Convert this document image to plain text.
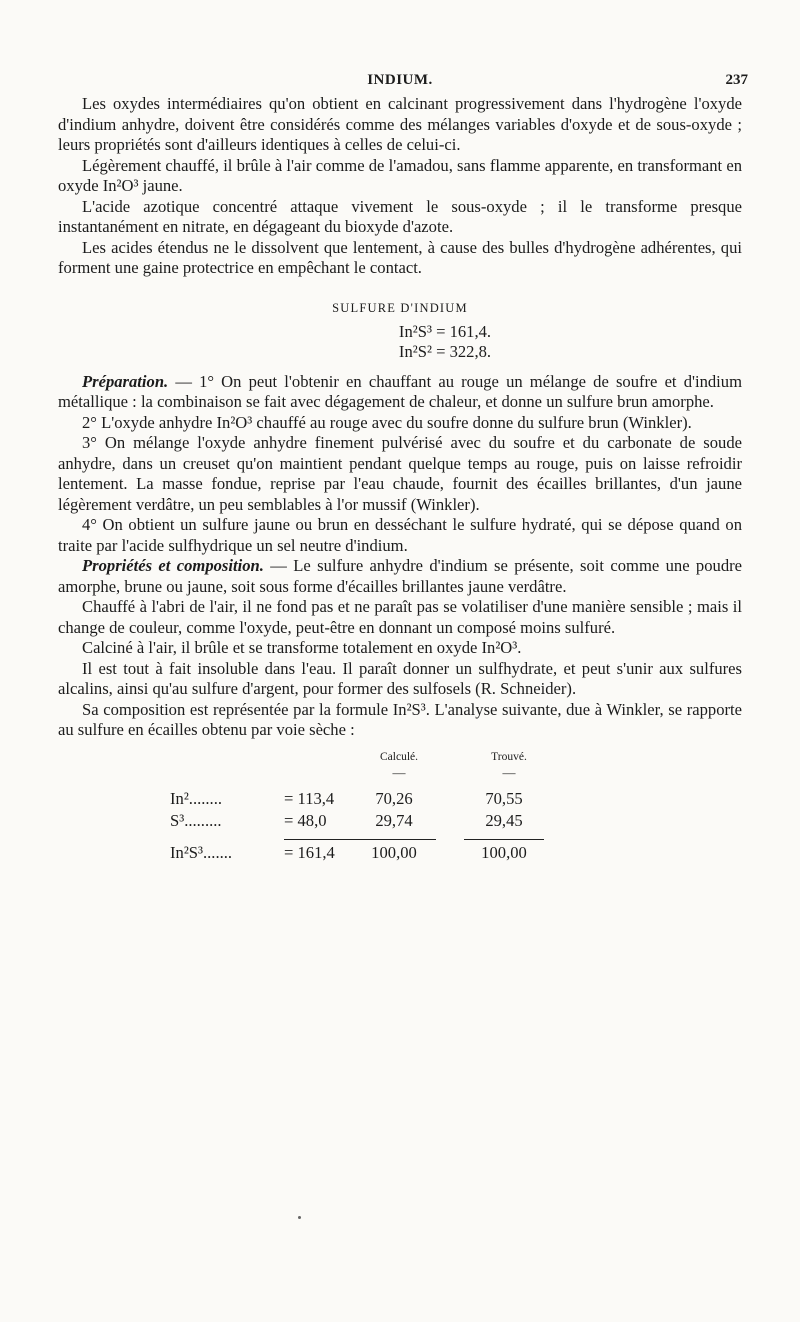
INDIUM.	237

Les oxydes intermédiaires qu'on obtient en calcinant progressivement dans l'hydrogène l'oxyde d'indium anhydre, doivent être considérés comme des mélanges variables d'oxyde et de sous-oxyde ; leurs propriétés sont d'ailleurs identiques à celles de celui-ci.

Légèrement chauffé, il brûle à l'air comme de l'amadou, sans flamme apparente, en transformant en oxyde In²O³ jaune.

L'acide azotique concentré attaque vivement le sous-oxyde ; il le transforme presque instantanément en nitrate, en dégageant du bioxyde d'azote.

Les acides étendus ne le dissolvent que lentement, à cause des bulles d'hydrogène adhérentes, qui forment une gaine protectrice en empêchant le contact.

SULFURE D'INDIUM
In²S³ = 161,4.
In²S² = 322,8.

Préparation. — 1° On peut l'obtenir en chauffant au rouge un mélange de soufre et d'indium métallique : la combinaison se fait avec dégagement de chaleur, et donne un sulfure brun amorphe.

2° L'oxyde anhydre In²O³ chauffé au rouge avec du soufre donne du sulfure brun (Winkler).

3° On mélange l'oxyde anhydre finement pulvérisé avec du soufre et du carbonate de soude anhydre, dans un creuset qu'on maintient pendant quelque temps au rouge, puis on laisse refroidir lentement. La masse fondue, reprise par l'eau chaude, fournit des écailles brillantes, d'un jaune légèrement verdâtre, un peu semblables à l'or mussif (Winkler).

4° On obtient un sulfure jaune ou brun en desséchant le sulfure hydraté, qui se dépose quand on traite par l'acide sulfhydrique un sel neutre d'indium.

Propriétés et composition. — Le sulfure anhydre d'indium se présente, soit comme une poudre amorphe, brune ou jaune, soit sous forme d'écailles brillantes jaune verdâtre.

Chauffé à l'abri de l'air, il ne fond pas et ne paraît pas se volatiliser d'une manière sensible ; mais il change de couleur, comme l'oxyde, peut-être en donnant un composé moins sulfuré.

Calciné à l'air, il brûle et se transforme totalement en oxyde In²O³.

Il est tout à fait insoluble dans l'eau. Il paraît donner un sulfhydrate, et peut s'unir aux sulfures alcalins, ainsi qu'au sulfure d'argent, pour former des sulfosels (R. Schneider).

Sa composition est représentée par la formule In²S³. L'analyse suivante, due à Winkler, se rapporte au sulfure en écailles obtenu par voie sèche :

Calculé.	Trouvé.
—	—
In²........	= 113,4	70,26	70,55
S³.........	= 48,0	29,74	29,45
In²S³.......	= 161,4	100,00	100,00
